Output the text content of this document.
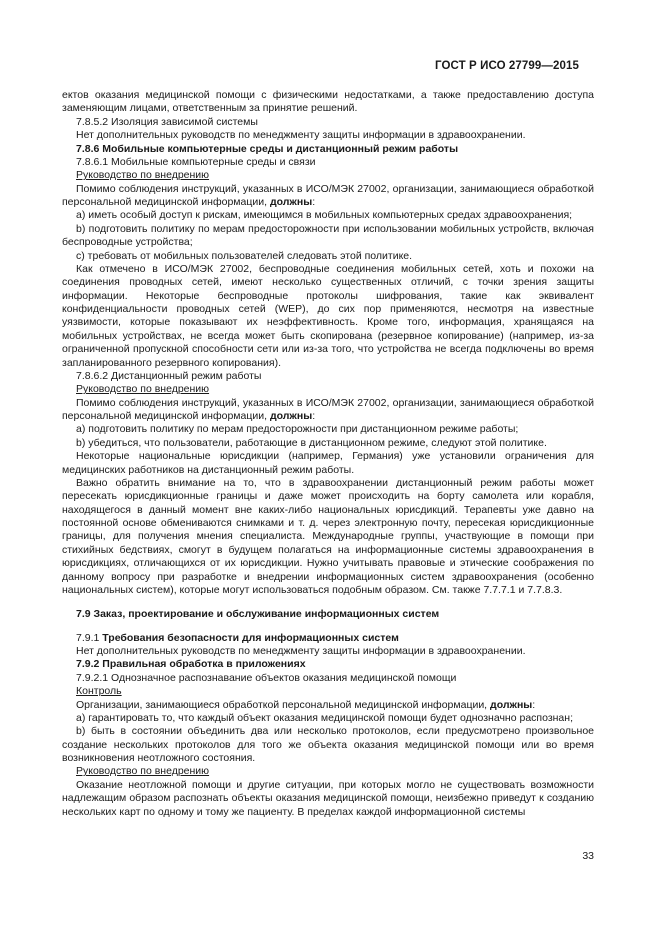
ГОСТ Р ИСО 27799—2015

ектов оказания медицинской помощи с физическими недостатками, а также предоставлению доступа заменяющим лицами, ответственным за принятие решений.

7.8.5.2 Изоляция зависимой системы

Нет дополнительных руководств по менеджменту защиты информации в здравоохранении.

7.8.6 Мобильные компьютерные среды и дистанционный режим работы

7.8.6.1 Мобильные компьютерные среды и связи

Руководство по внедрению

Помимо соблюдения инструкций, указанных в ИСО/МЭК 27002, организации, занимающиеся обработкой персональной медицинской информации, должны:

a) иметь особый доступ к рискам, имеющимся в мобильных компьютерных средах здравоохранения;

b) подготовить политику по мерам предосторожности при использовании мобильных устройств, включая беспроводные устройства;

c) требовать от мобильных пользователей следовать этой политике.

Как отмечено в ИСО/МЭК 27002, беспроводные соединения мобильных сетей, хоть и похожи на соединения проводных сетей, имеют несколько существенных отличий, с точки зрения защиты информации. Некоторые беспроводные протоколы шифрования, такие как эквивалент конфиденциальности проводных сетей (WEP), до сих пор применяются, несмотря на известные уязвимости, которые показывают их неэффективность. Кроме того, информация, хранящаяся на мобильных устройствах, не всегда может быть скопирована (резервное копирование) (например, из-за ограниченной пропускной способности сети или из-за того, что устройства не всегда подключены во время запланированного резервного копирования).

7.8.6.2 Дистанционный режим работы

Руководство по внедрению

Помимо соблюдения инструкций, указанных в ИСО/МЭК 27002, организации, занимающиеся обработкой персональной медицинской информации, должны:

a) подготовить политику по мерам предосторожности при дистанционном режиме работы;

b) убедиться, что пользователи, работающие в дистанционном режиме, следуют этой политике.

Некоторые национальные юрисдикции (например, Германия) уже установили ограничения для медицинских работников на дистанционный режим работы.

Важно обратить внимание на то, что в здравоохранении дистанционный режим работы может пересекать юрисдикционные границы и даже может происходить на борту самолета или корабля, находящегося в данный момент вне каких-либо национальных юрисдикций. Терапевты уже давно на постоянной основе обмениваются снимками и т. д. через электронную почту, пересекая юрисдикционные границы, для получения мнения специалиста. Международные группы, участвующие в помощи при стихийных бедствиях, смогут в будущем полагаться на информационные системы здравоохранения в юрисдикциях, отличающихся от их юрисдикции. Нужно учитывать правовые и этические соображения по данному вопросу при разработке и внедрении информационных систем здравоохранения (особенно национальных систем), которые могут использоваться подобным образом. См. также 7.7.7.1 и 7.7.8.3.

7.9 Заказ, проектирование и обслуживание информационных систем

7.9.1 Требования безопасности для информационных систем

Нет дополнительных руководств по менеджменту защиты информации в здравоохранении.

7.9.2 Правильная обработка в приложениях

7.9.2.1 Однозначное распознавание объектов оказания медицинской помощи

Контроль

Организации, занимающиеся обработкой персональной медицинской информации, должны:

a) гарантировать то, что каждый объект оказания медицинской помощи будет однозначно распознан;

b) быть в состоянии объединить два или несколько протоколов, если предусмотрено произвольное создание нескольких протоколов для того же объекта оказания медицинской помощи или во время возникновения неотложного состояния.

Руководство по внедрению

Оказание неотложной помощи и другие ситуации, при которых могло не существовать возможности надлежащим образом распознать объекты оказания медицинской помощи, неизбежно приведут к созданию нескольких карт по одному и тому же пациенту. В пределах каждой информационной системы

33
